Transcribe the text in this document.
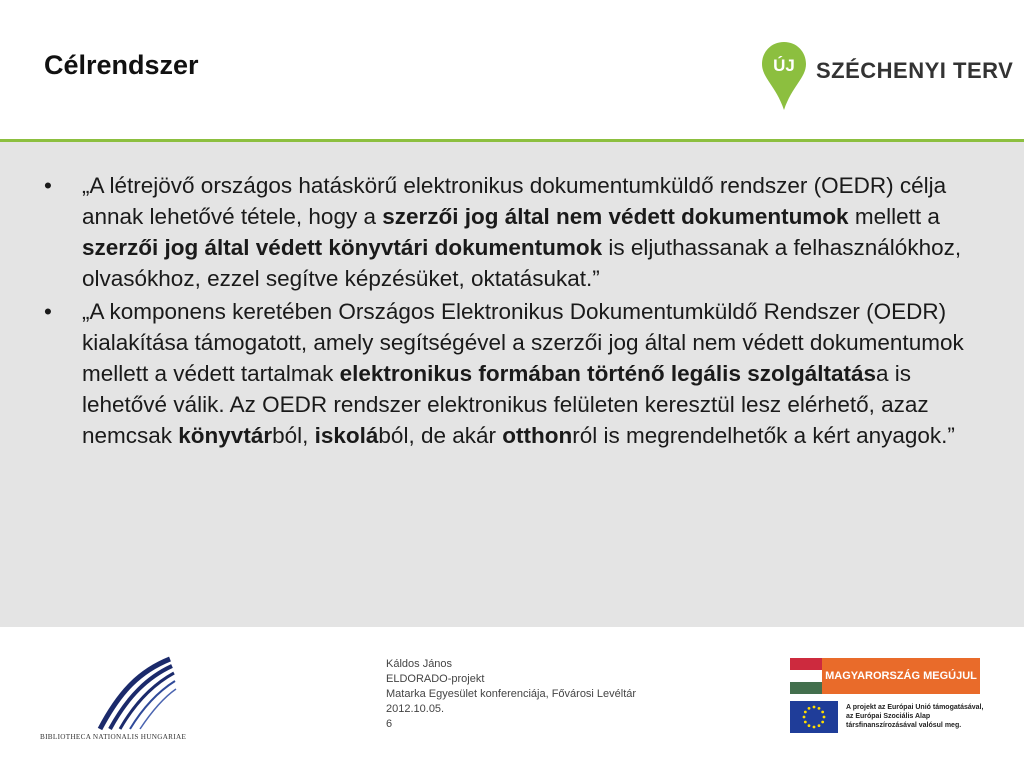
Célrendszer	ÚJ SZÉCHENYI TERV
•	„A létrejövő országos hatáskörű elektronikus dokumentumküldő rendszer (OEDR) célja annak lehetővé tétele, hogy a szerzői jog által nem védett dokumentumok mellett a szerzői jog által védett könyvtári dokumentumok is eljuthassanak a felhasználókhoz, olvasókhoz, ezzel segítve képzésüket, oktatásukat.”
•	„A komponens keretében Országos Elektronikus Dokumentumküldő Rendszer (OEDR) kialakítása támogatott, amely segítségével a szerzői jog által nem védett dokumentumok mellett a védett tartalmak elektronikus formában történő legális szolgáltatása is lehetővé válik. Az OEDR rendszer elektronikus felületen keresztül lesz elérhető, azaz nemcsak könyvtárból, iskolából, de akár otthonról is megrendelhetők a kért anyagok.”
BIBLIOTHECA NATIONALIS HUNGARIAE
Káldos János
ELDORADO-projekt
Matarka Egyesület konferenciája, Fővárosi Levéltár
2012.10.05.
6
MAGYARORSZÁG MEGÚJUL
A projekt az Európai Unió támogatásával,
az Európai Szociális Alap
társfinanszírozásával valósul meg.
